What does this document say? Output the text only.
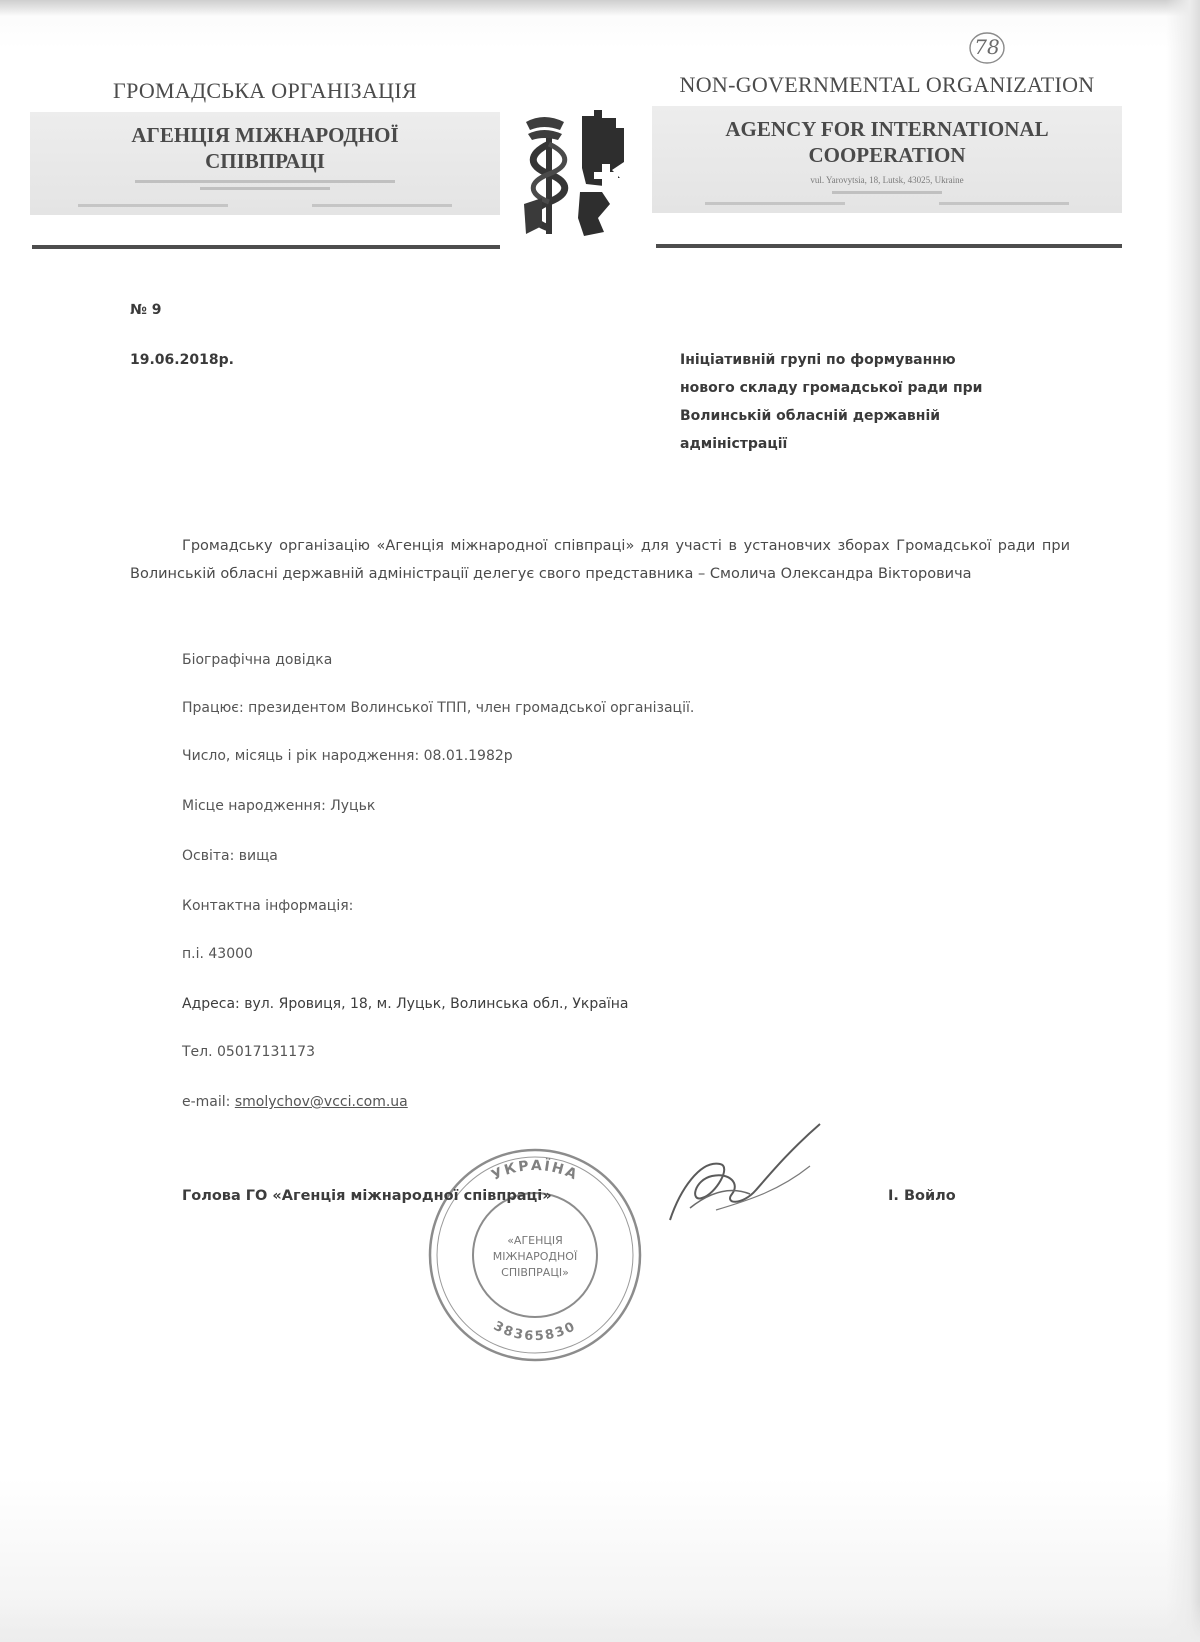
78
ГРОМАДСЬКА ОРГАНІЗАЦІЯ
АГЕНЦІЯ МІЖНАРОДНОЇ
СПІВПРАЦІ
NON-GOVERNMENTAL ORGANIZATION
AGENCY FOR INTERNATIONAL
COOPERATION
vul. Yarovytsia, 18, Lutsk, 43025, Ukraine
№ 9
19.06.2018р.	Ініціативній групі по формуванню
нового складу громадської ради при
Волинській обласній державній
адміністрації
Громадську організацію «Агенція міжнародної співпраці» для участі в установчих зборах Громадської ради при Волинській обласні державній адміністрації делегує свого представника – Смолича Олександра Вікторовича
Біографічна довідка
Працює: президентом Волинської ТПП, член громадської організації.
Число, місяць і рік народження: 08.01.1982р
Місце народження: Луцьк
Освіта: вища
Контактна інформація:
п.і. 43000
Адреса: вул. Яровиця, 18, м. Луцьк, Волинська обл., Україна
Тел. 05017131173
e-mail: smolychov@vcci.com.ua
УКРАЇНА
«АГЕНЦІЯ
МІЖНАРОДНОЇ
СПІВПРАЦІ»
38365830
Голова ГО «Агенція міжнародної співпраці»	І. Войло
